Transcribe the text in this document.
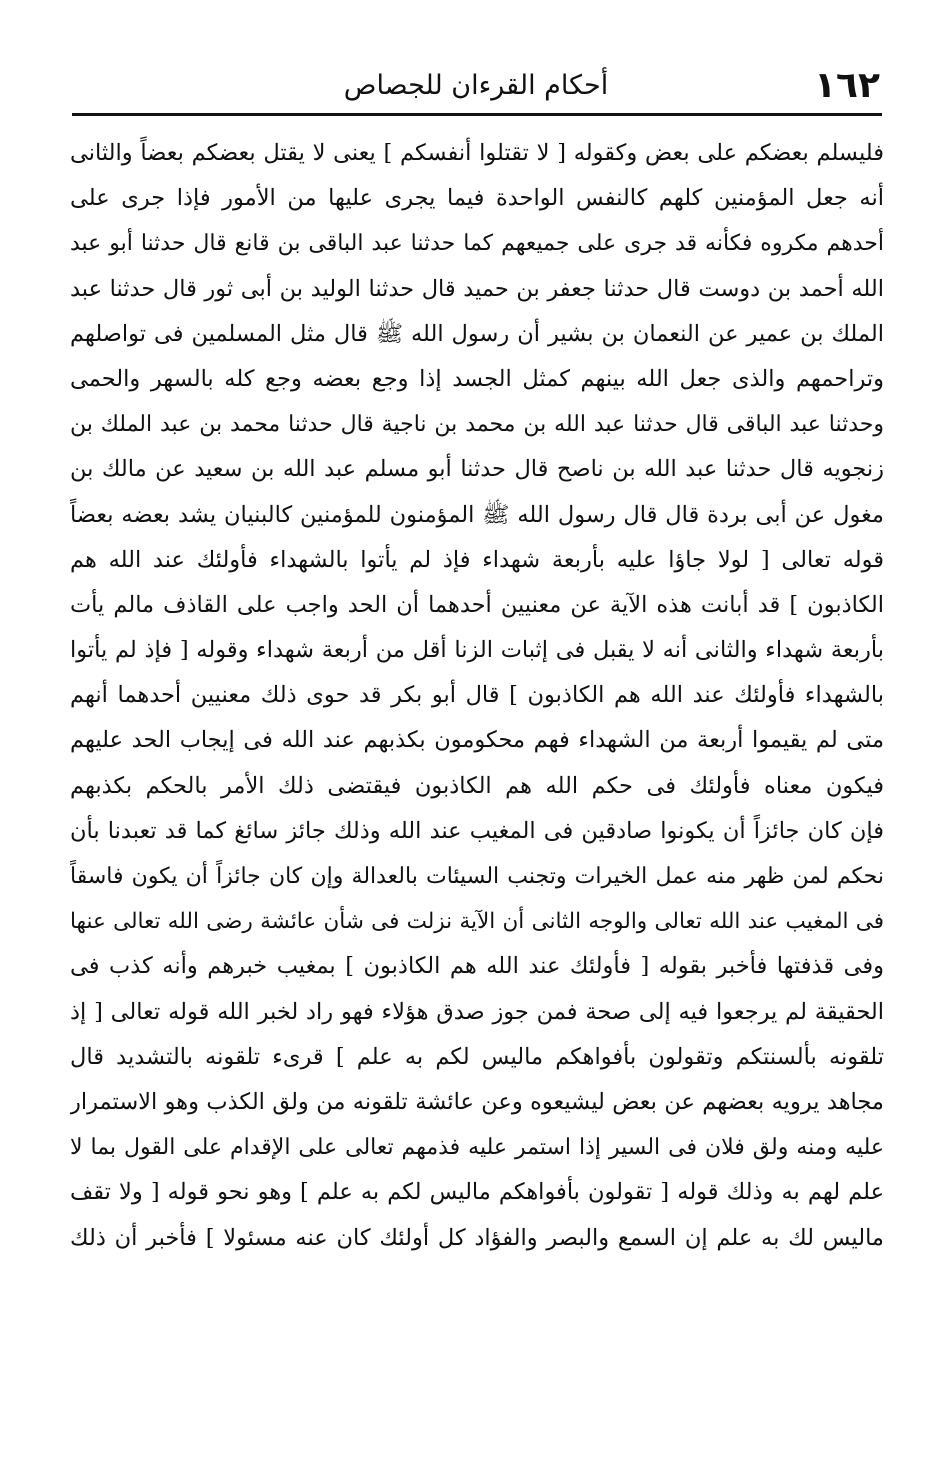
١٦٢
أحكام القرءان للجصاص
فليسلم بعضكم على بعض وكقوله [ لا تقتلوا أنفسكم ] يعنى لا يقتل بعضكم بعضاً والثانى
أنه جعل المؤمنين كلهم كالنفس الواحدة فيما يجرى عليها من الأمور فإذا جرى على
أحدهم مكروه فكأنه قد جرى على جميعهم كما حدثنا عبد الباقى بن قانع قال حدثنا أبو عبد
الله أحمد بن دوست قال حدثنا جعفر بن حميد قال حدثنا الوليد بن أبى ثور قال حدثنا عبد
الملك بن عمير عن النعمان بن بشير أن رسول الله ﷺ قال مثل المسلمين فى تواصلهم
وتراحمهم والذى جعل الله بينهم كمثل الجسد إذا وجع بعضه وجع كله بالسهر والحمى
وحدثنا عبد الباقى قال حدثنا عبد الله بن محمد بن ناجية قال حدثنا محمد بن عبد الملك بن
زنجويه قال حدثنا عبد الله بن ناصح قال حدثنا أبو مسلم عبد الله بن سعيد عن مالك بن
مغول عن أبى بردة قال قال رسول الله ﷺ المؤمنون للمؤمنين كالبنيان يشد بعضه بعضاً
قوله تعالى [ لولا جاؤا عليه بأربعة شهداء فإذ لم يأتوا بالشهداء فأولئك عند الله هم
الكاذبون ] قد أبانت هذه الآية عن معنيين أحدهما أن الحد واجب على القاذف مالم يأت
بأربعة شهداء والثانى أنه لا يقبل فى إثبات الزنا أقل من أربعة شهداء وقوله [ فإذ لم يأتوا
بالشهداء فأولئك عند الله هم الكاذبون ] قال أبو بكر قد حوى ذلك معنيين أحدهما أنهم
متى لم يقيموا أربعة من الشهداء فهم محكومون بكذبهم عند الله فى إيجاب الحد عليهم
فيكون معناه فأولئك فى حكم الله هم الكاذبون فيقتضى ذلك الأمر بالحكم بكذبهم
فإن كان جائزاً أن يكونوا صادقين فى المغيب عند الله وذلك جائز سائغ كما قد تعبدنا بأن
نحكم لمن ظهر منه عمل الخيرات وتجنب السيئات بالعدالة وإن كان جائزاً أن يكون فاسقاً
فى المغيب عند الله تعالى والوجه الثانى أن الآية نزلت فى شأن عائشة رضى الله تعالى عنها
وفى قذفتها فأخبر بقوله [ فأولئك عند الله هم الكاذبون ] بمغيب خبرهم وأنه كذب فى
الحقيقة لم يرجعوا فيه إلى صحة فمن جوز صدق هؤلاء فهو راد لخبر الله قوله تعالى [ إذ
تلقونه بألسنتكم وتقولون بأفواهكم ماليس لكم به علم ] قرىء تلقونه بالتشديد قال
مجاهد يرويه بعضهم عن بعض ليشيعوه وعن عائشة تلقونه من ولق الكذب وهو الاستمرار
عليه ومنه ولق فلان فى السير إذا استمر عليه فذمهم تعالى على الإقدام على القول بما لا
علم لهم به وذلك قوله [ تقولون بأفواهكم ماليس لكم به علم ] وهو نحو قوله [ ولا تقف
ماليس لك به علم إن السمع والبصر والفؤاد كل أولئك كان عنه مسئولا ] فأخبر أن ذلك
